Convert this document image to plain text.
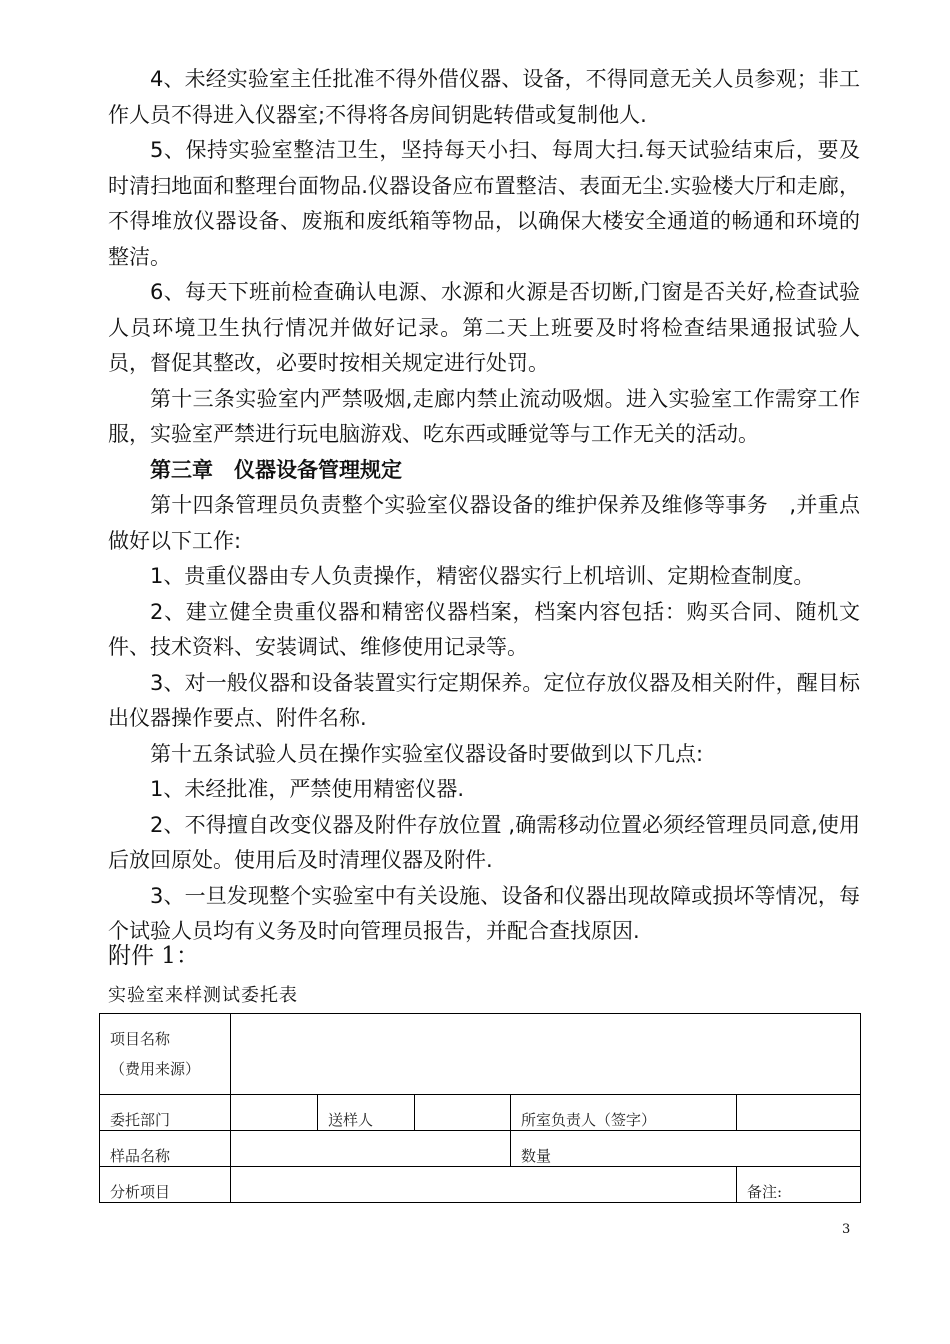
4、未经实验室主任批准不得外借仪器、设备，不得同意无关人员参观；非工作人员不得进入仪器室;不得将各房间钥匙转借或复制他人.

5、保持实验室整洁卫生，坚持每天小扫、每周大扫.每天试验结束后，要及时清扫地面和整理台面物品.仪器设备应布置整洁、表面无尘.实验楼大厅和走廊，不得堆放仪器设备、废瓶和废纸箱等物品，以确保大楼安全通道的畅通和环境的整洁。

6、每天下班前检查确认电源、水源和火源是否切断,门窗是否关好,检查试验人员环境卫生执行情况并做好记录。第二天上班要及时将检查结果通报试验人员，督促其整改，必要时按相关规定进行处罚。

第十三条实验室内严禁吸烟,走廊内禁止流动吸烟。进入实验室工作需穿工作服，实验室严禁进行玩电脑游戏、吃东西或睡觉等与工作无关的活动。

第三章　仪器设备管理规定

第十四条管理员负责整个实验室仪器设备的维护保养及维修等事务　,并重点做好以下工作:

1、贵重仪器由专人负责操作，精密仪器实行上机培训、定期检查制度。

2、建立健全贵重仪器和精密仪器档案，档案内容包括：购买合同、随机文件、技术资料、安装调试、维修使用记录等。

3、对一般仪器和设备装置实行定期保养。定位存放仪器及相关附件，醒目标出仪器操作要点、附件名称.

第十五条试验人员在操作实验室仪器设备时要做到以下几点:

1、未经批准，严禁使用精密仪器.

2、不得擅自改变仪器及附件存放位置 ,确需移动位置必须经管理员同意,使用后放回原处。使用后及时清理仪器及附件.

3、一旦发现整个实验室中有关设施、设备和仪器出现故障或损坏等情况，每个试验人员均有义务及时向管理员报告，并配合查找原因.

附件 1：
实验室来样测试委托表
项目名称
（费用来源）					
委托部门		送样人		所室负责人（签字）	
样品名称				数量	
分析项目					备注:
3
